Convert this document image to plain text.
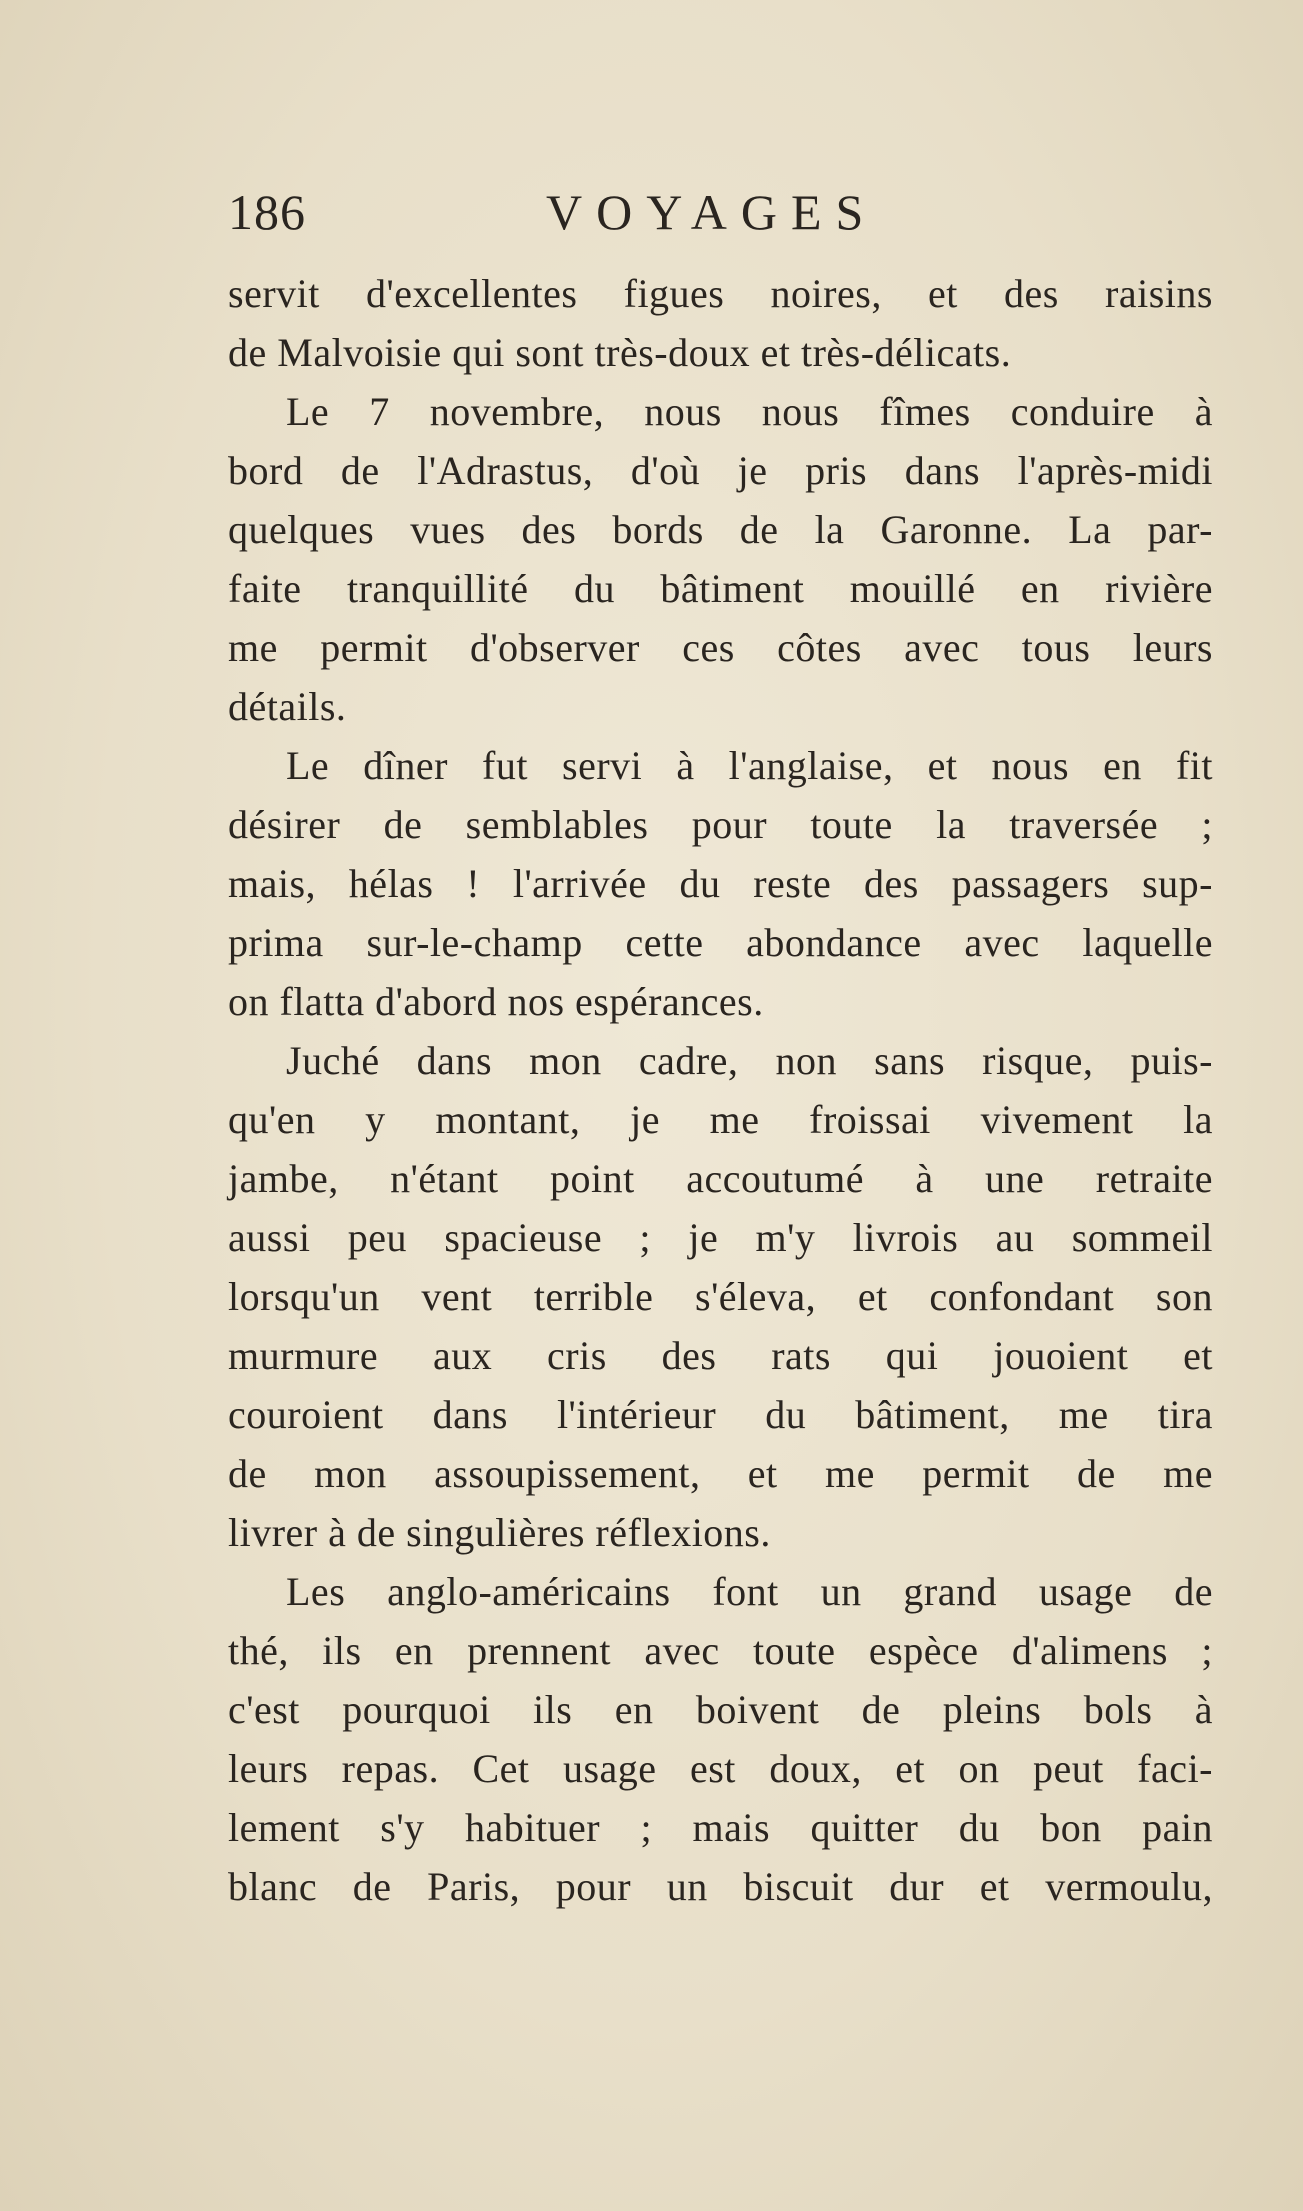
186	VOYAGES

servit d'excellentes figues noires, et des raisins
de Malvoisie qui sont très-doux et très-délicats.

Le 7 novembre, nous nous fîmes conduire à
bord de l'Adrastus, d'où je pris dans l'après-midi
quelques vues des bords de la Garonne. La par-
faite tranquillité du bâtiment mouillé en rivière
me permit d'observer ces côtes avec tous leurs
détails.

Le dîner fut servi à l'anglaise, et nous en fit
désirer de semblables pour toute la traversée ;
mais, hélas ! l'arrivée du reste des passagers sup-
prima sur-le-champ cette abondance avec laquelle
on flatta d'abord nos espérances.

Juché dans mon cadre, non sans risque, puis-
qu'en y montant, je me froissai vivement la
jambe, n'étant point accoutumé à une retraite
aussi peu spacieuse ; je m'y livrois au sommeil
lorsqu'un vent terrible s'éleva, et confondant son
murmure aux cris des rats qui jouoient et
couroient dans l'intérieur du bâtiment, me tira
de mon assoupissement, et me permit de me
livrer à de singulières réflexions.

Les anglo-américains font un grand usage de
thé, ils en prennent avec toute espèce d'alimens ;
c'est pourquoi ils en boivent de pleins bols à
leurs repas. Cet usage est doux, et on peut faci-
lement s'y habituer ; mais quitter du bon pain
blanc de Paris, pour un biscuit dur et vermoulu,
